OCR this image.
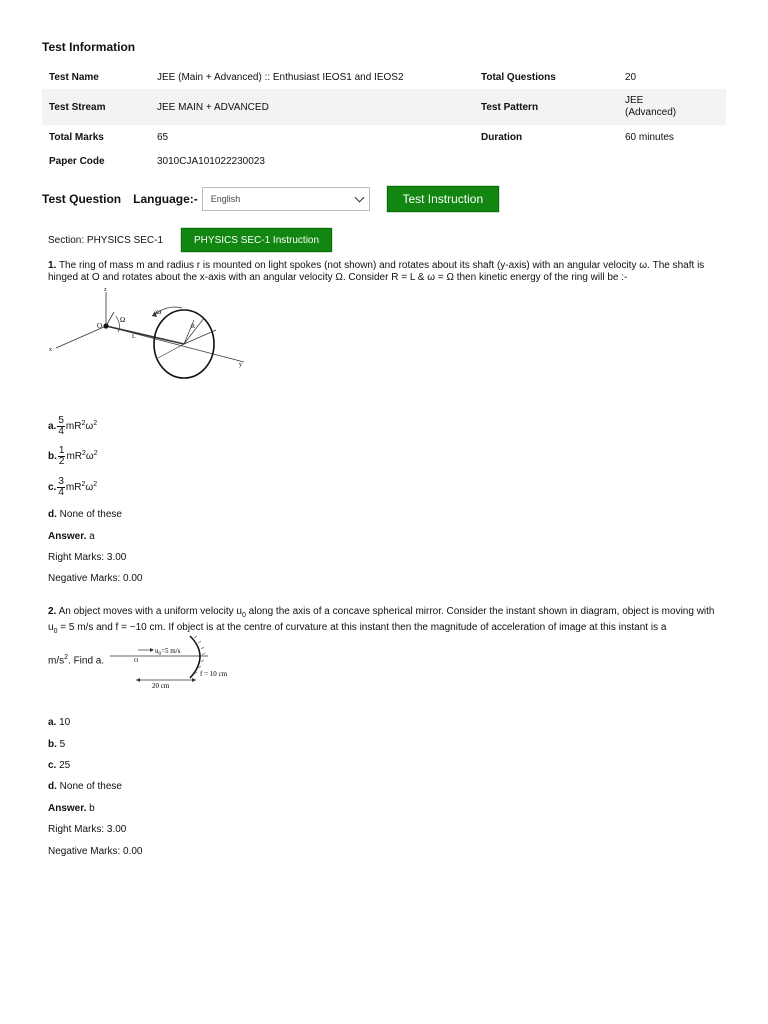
Test Information
Test Name	JEE (Main + Advanced) :: Enthusiast IEOS1 and IEOS2	Total Questions	20
Test Stream	JEE MAIN + ADVANCED	Test Pattern	JEE (Advanced)

Total Marks	65	Duration	60 minutes
Paper Code	3010CJA101022230023		
Test Question Language:- English	Test Instruction
Section: PHYSICS SEC-1	PHYSICS SEC-1 Instruction
1. The ring of mass m and radius r is mounted on light spokes (not shown) and rotates about its shaft (y-axis) with an angular velocity ω. The shaft is hinged at O and rotates about the x-axis with an angular velocity Ω. Consider R = L & ω = Ω then kinetic energy of the ring will be :-
z
Ω
O
L
ω
R
x
y
a. $\frac{5}{4} mR^2\omega^2$
b. $\frac{1}{2} mR^2\omega^2$
c. $\frac{3}{4} mR^2\omega^2$
d. None of these
Answer. a
Right Marks: 3.00
Negative Marks: 0.00
2. An object moves with a uniform velocity $u_0$ along the axis of a concave spherical mirror. Consider the instant shown in diagram, object is moving with $u_0 = 5$ m/s and f = −10 cm. If object is at the centre of curvature at this instant then the magnitude of acceleration of image at this instant is a
$m/s^2$. Find a.
$u_0=5$ m/s
O
20 cm
f = 10 cm
a. 10
b. 5
c. 25
d. None of these
Answer. b
Right Marks: 3.00
Negative Marks: 0.00
